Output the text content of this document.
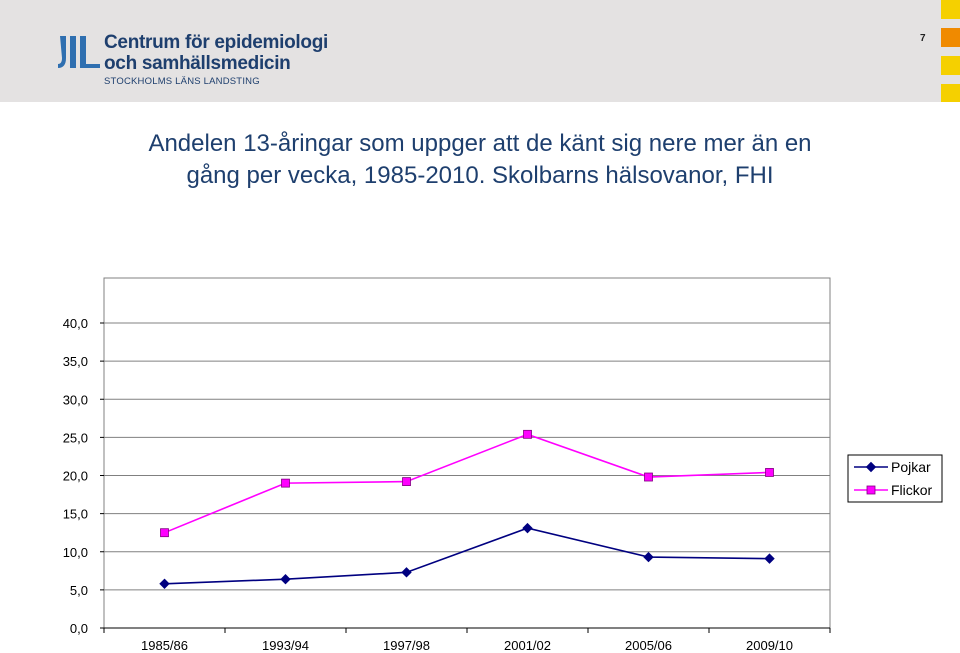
Centrum för epidemiologi
och samhällsmedicin
STOCKHOLMS LÄNS LANDSTING
7
Andelen 13-åringar som uppger att de känt sig nere mer än en
gång per vecka, 1985-2010. Skolbarns hälsovanor, FHI
0,0
5,0
10,0
15,0
20,0
25,0
30,0
35,0
40,0
1985/86	1993/94	1997/98	2001/02	2005/06	2009/10
Pojkar
Flickor
